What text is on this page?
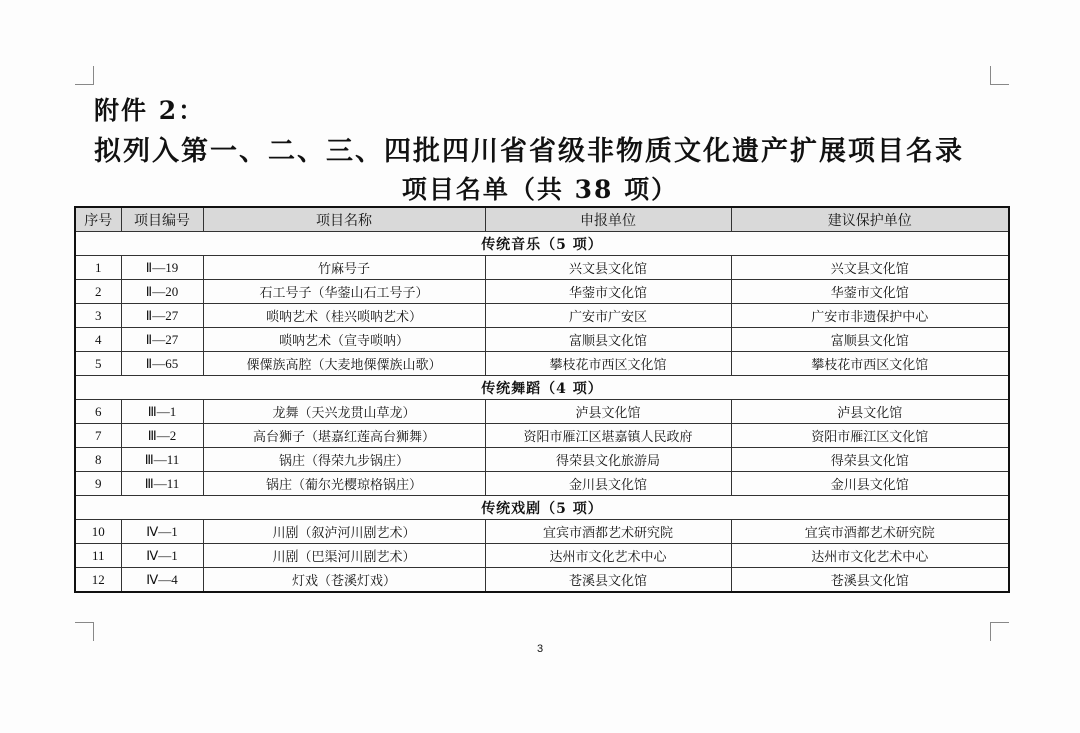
附件 2：
拟列入第一、二、三、四批四川省省级非物质文化遗产扩展项目名录
项目名单（共 38 项）
序号	项目编号	项目名称	申报单位	建议保护单位
传统音乐（5 项）				
1	Ⅱ—19	竹麻号子	兴文县文化馆	兴文县文化馆
2	Ⅱ—20	石工号子（华蓥山石工号子）	华蓥市文化馆	华蓥市文化馆
3	Ⅱ—27	唢呐艺术（桂兴唢呐艺术）	广安市广安区	广安市非遗保护中心
4	Ⅱ—27	唢呐艺术（宣寺唢呐）	富顺县文化馆	富顺县文化馆
5	Ⅱ—65	傈僳族高腔（大麦地傈僳族山歌）	攀枝花市西区文化馆	攀枝花市西区文化馆
传统舞蹈（4 项）				
6	Ⅲ—1	龙舞（天兴龙贯山草龙）	泸县文化馆	泸县文化馆
7	Ⅲ—2	高台狮子（堪嘉红莲高台狮舞）	资阳市雁江区堪嘉镇人民政府	资阳市雁江区文化馆
8	Ⅲ—11	锅庄（得荣九步锅庄）	得荣县文化旅游局	得荣县文化馆
9	Ⅲ—11	锅庄（葡尔光樱琼格锅庄）	金川县文化馆	金川县文化馆
传统戏剧（5 项）				
10	Ⅳ—1	川剧（叙泸河川剧艺术）	宜宾市酒都艺术研究院	宜宾市酒都艺术研究院
11	Ⅳ—1	川剧（巴渠河川剧艺术）	达州市文化艺术中心	达州市文化艺术中心
12	Ⅳ—4	灯戏（苍溪灯戏）	苍溪县文化馆	苍溪县文化馆
3
